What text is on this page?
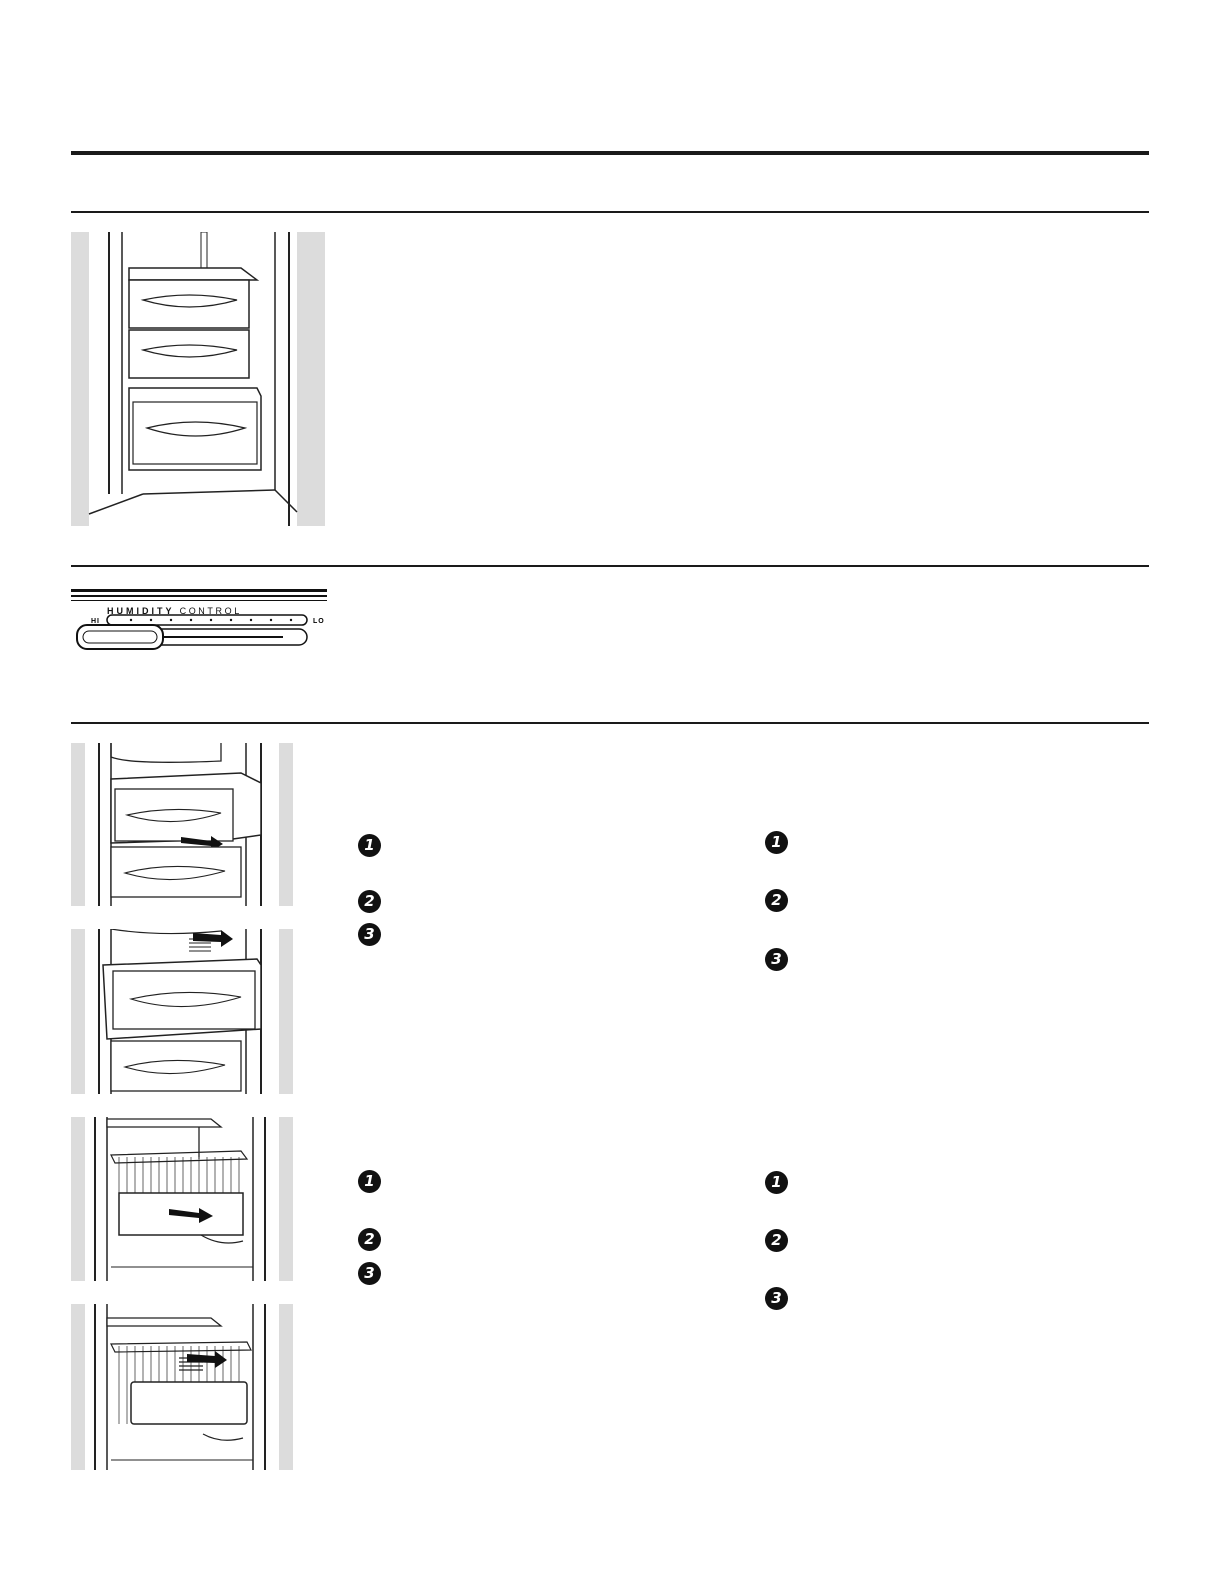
HUMIDITY CONTROL
HI	LO
1
2
3
1
2
3
1
2
3
1
2
3
